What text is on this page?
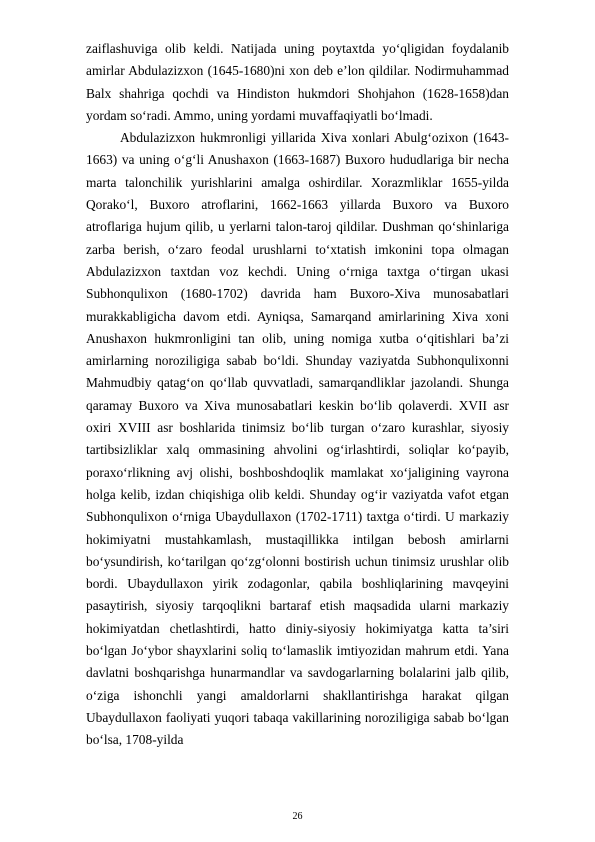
zaiflashuviga olib keldi. Natijada uning poytaxtda yo‘qligidan foydalanib amirlar Abdulazizxon (1645-1680)ni xon deb e’lon qildilar. Nodirmuhammad Balx shahriga qochdi va Hindiston hukmdori Shohjahon (1628-1658)dan yordam so‘radi. Ammo, uning yordami muvaffaqiyatli bo‘lmadi.

Abdulazizxon hukmronligi yillarida Xiva xonlari Abulg‘ozixon (1643-1663) va uning o‘g‘li Anushaxon (1663-1687) Buxoro hududlariga bir necha marta talonchilik yurishlarini amalga oshirdilar. Xorazmliklar 1655-yilda Qorako‘l, Buxoro atroflarini, 1662-1663 yillarda Buxoro va Buxoro atroflariga hujum qilib, u yerlarni talon-taroj qildilar. Dushman qo‘shinlariga zarba berish, o‘zaro feodal urushlarni to‘xtatish imkonini topa olmagan Abdulazizxon taxtdan voz kechdi. Uning o‘rniga taxtga o‘tirgan ukasi Subhonqulixon (1680-1702) davrida ham Buxoro-Xiva munosabatlari murakkabligicha davom etdi. Ayniqsa, Samarqand amirlarining Xiva xoni Anushaxon hukmronligini tan olib, uning nomiga xutba o‘qitishlari ba’zi amirlarning noroziligiga sabab bo‘ldi. Shunday vaziyatda Subhonqulixonni Mahmudbiy qatag‘on qo‘llab quvvatladi, samarqandliklar jazolandi. Shunga qaramay Buxoro va Xiva munosabatlari keskin bo‘lib qolaverdi. XVII asr oxiri XVIII asr boshlarida tinimsiz bo‘lib turgan o‘zaro kurashlar, siyosiy tartibsizliklar xalq ommasining ahvolini og‘irlashtirdi, soliqlar ko‘payib, poraxo‘rlikning avj olishi, boshboshdoqlik mamlakat xo‘jaligining vayrona holga kelib, izdan chiqishiga olib keldi. Shunday og‘ir vaziyatda vafot etgan Subhonqulixon o‘rniga Ubaydullaxon (1702-1711) taxtga o‘tirdi. U markaziy hokimiyatni mustahkamlash, mustaqillikka intilgan bebosh amirlarni bo‘ysundirish, ko‘tarilgan qo‘zg‘olonni bostirish uchun tinimsiz urushlar olib bordi. Ubaydullaxon yirik zodagonlar, qabila boshliqlarining mavqeyini pasaytirish, siyosiy tarqoqlikni bartaraf etish maqsadida ularni markaziy hokimiyatdan chetlashtirdi, hatto diniy-siyosiy hokimiyatga katta ta’siri bo‘lgan Jo‘ybor shayxlarini soliq to‘lamaslik imtiyozidan mahrum etdi. Yana davlatni boshqarishga hunarmandlar va savdogarlarning bolalarini jalb qilib, o‘ziga ishonchli yangi amaldorlarni shakllantirishga harakat qilgan Ubaydullaxon faoliyati yuqori tabaqa vakillarining noroziligiga sabab bo‘lgan bo‘lsa, 1708-yilda

26
